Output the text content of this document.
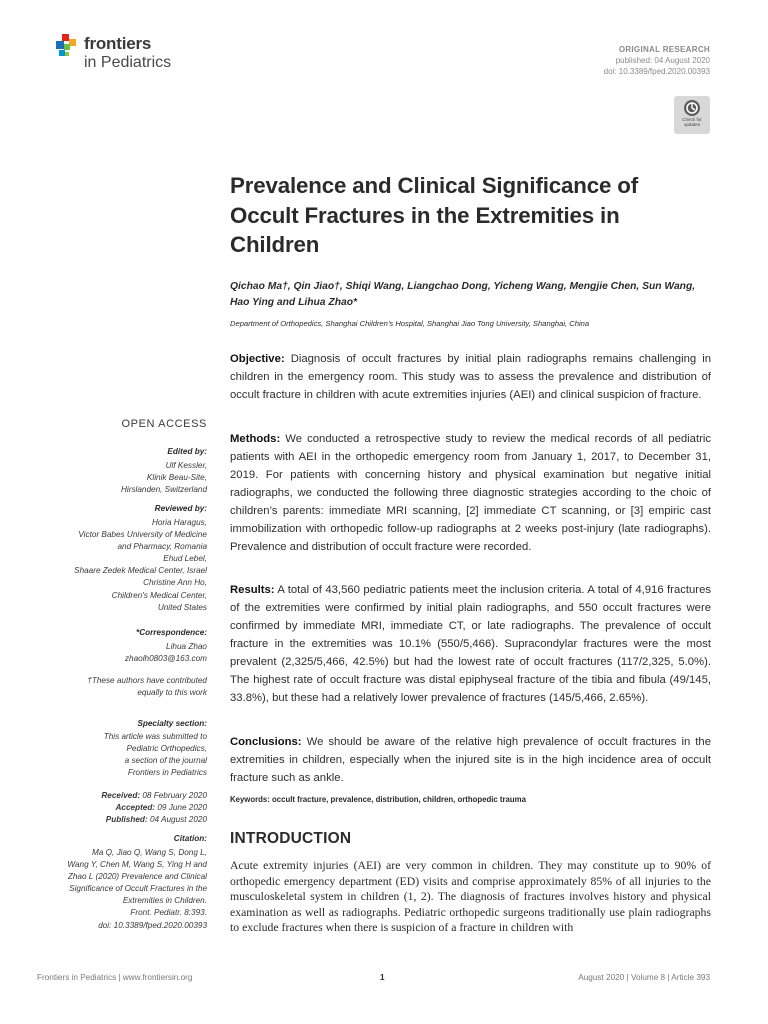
frontiers
in Pediatrics
ORIGINAL RESEARCH
published: 04 August 2020
doi: 10.3389/fped.2020.00393
Check for updates
Prevalence and Clinical Significance of Occult Fractures in the Extremities in Children
Qichao Ma†, Qin Jiao†, Shiqi Wang, Liangchao Dong, Yicheng Wang, Mengjie Chen, Sun Wang, Hao Ying and Lihua Zhao*
Department of Orthopedics, Shanghai Children’s Hospital, Shanghai Jiao Tong University, Shanghai, China

Objective: Diagnosis of occult fractures by initial plain radiographs remains challenging in children in the emergency room. This study was to assess the prevalence and distribution of occult fracture in children with acute extremities injuries (AEI) and clinical suspicion of fracture.

Methods: We conducted a retrospective study to review the medical records of all pediatric patients with AEI in the orthopedic emergency room from January 1, 2017, to December 31, 2019. For patients with concerning history and physical examination but negative initial radiographs, we conducted the following three diagnostic strategies according to the choic of children’s parents: immediate MRI scanning, [2] immediate CT scanning, or [3] empiric cast immobilization with orthopedic follow-up radiographs at 2 weeks post-injury (late radiographs). Prevalence and distribution of occult fracture were recorded.

Results: A total of 43,560 pediatric patients meet the inclusion criteria. A total of 4,916 fractures of the extremities were confirmed by initial plain radiographs, and 550 occult fractures were confirmed by immediate MRI, immediate CT, or late radiographs. The prevalence of occult fracture in the extremities was 10.1% (550/5,466). Supracondylar fractures were the most prevalent (2,325/5,466, 42.5%) but had the lowest rate of occult fractures (117/2,325, 5.0%). The highest rate of occult fracture was distal epiphyseal fracture of the tibia and fibula (49/145, 33.8%), but these had a relatively lower prevalence of fractures (145/5,466, 2.65%).

Conclusions: We should be aware of the relative high prevalence of occult fractures in the extremities in children, especially when the injured site is in the high incidence area of occult fracture such as ankle.

Keywords: occult fracture, prevalence, distribution, children, orthopedic trauma
INTRODUCTION

Acute extremity injuries (AEI) are very common in children. They may constitute up to 90% of orthopedic emergency department (ED) visits and comprise approximately 85% of all injuries to the musculoskeletal system in children (1, 2). The diagnosis of fractures involves history and physical examination as well as radiographs. Pediatric orthopedic surgeons traditionally use plain radiographs to exclude fractures when there is suspicion of a fracture in children with

OPEN ACCESS
Edited by:
Ulf Kessler,
Klinik Beau-Site,
Hirslanden, Switzerland
Reviewed by:
Horia Haragus,
Victor Babes University of Medicine
and Pharmacy, Romania
Ehud Lebel,
Shaare Zedek Medical Center, Israel
Christine Ann Ho,
Children's Medical Center,
United States
*Correspondence:
Lihua Zhao
zhaolh0803@163.com
†These authors have contributed
equally to this work
Specialty section:
This article was submitted to
Pediatric Orthopedics,
a section of the journal
Frontiers in Pediatrics
Received: 08 February 2020
Accepted: 09 June 2020
Published: 04 August 2020
Citation:
Ma Q, Jiao Q, Wang S, Dong L,
Wang Y, Chen M, Wang S, Ying H and
Zhao L (2020) Prevalence and Clinical
Significance of Occult Fractures in the
Extremities in Children.
Front. Pediatr. 8:393.
doi: 10.3389/fped.2020.00393
Frontiers in Pediatrics | www.frontiersin.org	1	August 2020 | Volume 8 | Article 393
